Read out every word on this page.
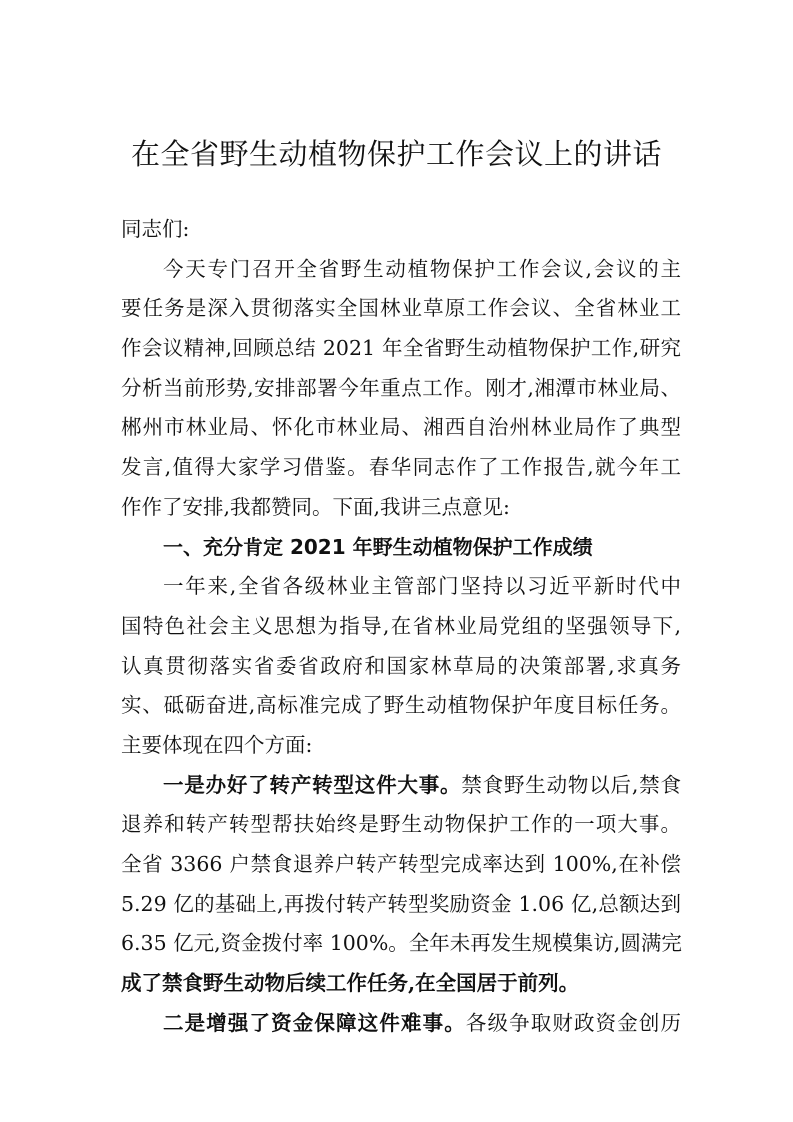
在全省野生动植物保护工作会议上的讲话
同志们:
今天专门召开全省野生动植物保护工作会议,会议的主
要任务是深入贯彻落实全国林业草原工作会议、全省林业工
作会议精神,回顾总结 2021 年全省野生动植物保护工作,研究
分析当前形势,安排部署今年重点工作。刚才,湘潭市林业局、
郴州市林业局、怀化市林业局、湘西自治州林业局作了典型
发言,值得大家学习借鉴。春华同志作了工作报告,就今年工
作作了安排,我都赞同。下面,我讲三点意见:
一、充分肯定 2021 年野生动植物保护工作成绩
一年来,全省各级林业主管部门坚持以习近平新时代中
国特色社会主义思想为指导,在省林业局党组的坚强领导下,
认真贯彻落实省委省政府和国家林草局的决策部署,求真务
实、砥砺奋进,高标准完成了野生动植物保护年度目标任务。
主要体现在四个方面:
一是办好了转产转型这件大事。禁食野生动物以后,禁食
退养和转产转型帮扶始终是野生动物保护工作的一项大事。
全省 3366 户禁食退养户转产转型完成率达到 100%,在补偿
5.29 亿的基础上,再拨付转产转型奖励资金 1.06 亿,总额达到
6.35 亿元,资金拨付率 100%。全年未再发生规模集访,圆满完
成了禁食野生动物后续工作任务,在全国居于前列。
二是增强了资金保障这件难事。各级争取财政资金创历
